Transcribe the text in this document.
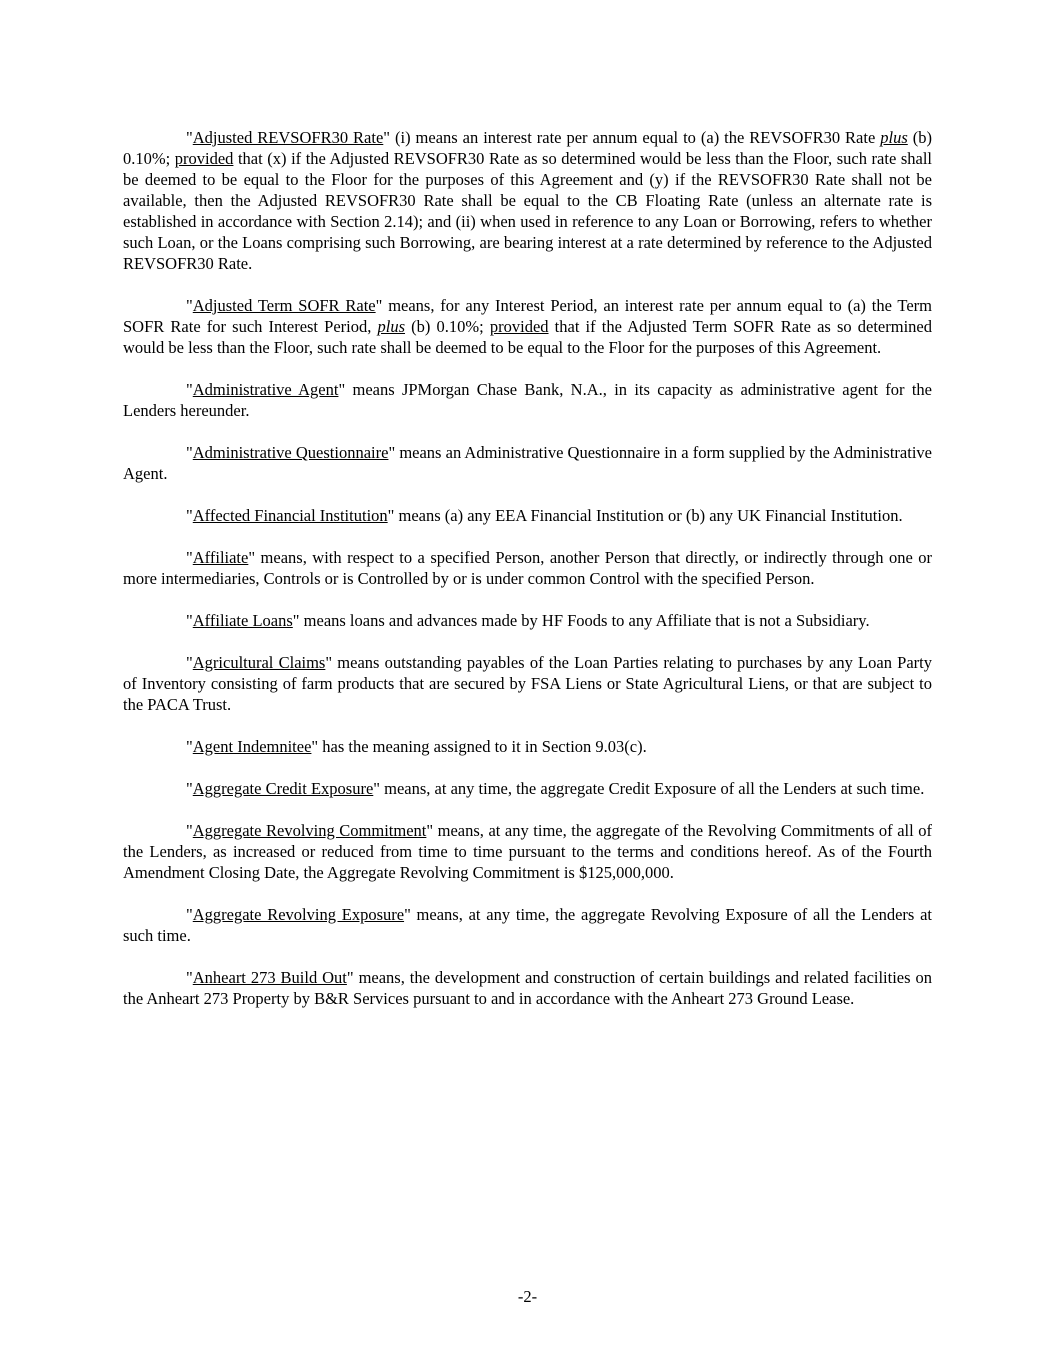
"Adjusted REVSOFR30 Rate" (i) means an interest rate per annum equal to (a) the REVSOFR30 Rate plus (b) 0.10%; provided that (x) if the Adjusted REVSOFR30 Rate as so determined would be less than the Floor, such rate shall be deemed to be equal to the Floor for the purposes of this Agreement and (y) if the REVSOFR30 Rate shall not be available, then the Adjusted REVSOFR30 Rate shall be equal to the CB Floating Rate (unless an alternate rate is established in accordance with Section 2.14); and (ii) when used in reference to any Loan or Borrowing, refers to whether such Loan, or the Loans comprising such Borrowing, are bearing interest at a rate determined by reference to the Adjusted REVSOFR30 Rate.

"Adjusted Term SOFR Rate" means, for any Interest Period, an interest rate per annum equal to (a) the Term SOFR Rate for such Interest Period, plus (b) 0.10%; provided that if the Adjusted Term SOFR Rate as so determined would be less than the Floor, such rate shall be deemed to be equal to the Floor for the purposes of this Agreement.

"Administrative Agent" means JPMorgan Chase Bank, N.A., in its capacity as administrative agent for the Lenders hereunder.

"Administrative Questionnaire" means an Administrative Questionnaire in a form supplied by the Administrative Agent.

"Affected Financial Institution" means (a) any EEA Financial Institution or (b) any UK Financial Institution.

"Affiliate" means, with respect to a specified Person, another Person that directly, or indirectly through one or more intermediaries, Controls or is Controlled by or is under common Control with the specified Person.

"Affiliate Loans" means loans and advances made by HF Foods to any Affiliate that is not a Subsidiary.

"Agricultural Claims" means outstanding payables of the Loan Parties relating to purchases by any Loan Party of Inventory consisting of farm products that are secured by FSA Liens or State Agricultural Liens, or that are subject to the PACA Trust.

"Agent Indemnitee" has the meaning assigned to it in Section 9.03(c).

"Aggregate Credit Exposure" means, at any time, the aggregate Credit Exposure of all the Lenders at such time.

"Aggregate Revolving Commitment" means, at any time, the aggregate of the Revolving Commitments of all of the Lenders, as increased or reduced from time to time pursuant to the terms and conditions hereof. As of the Fourth Amendment Closing Date, the Aggregate Revolving Commitment is $125,000,000.

"Aggregate Revolving Exposure" means, at any time, the aggregate Revolving Exposure of all the Lenders at such time.

"Anheart 273 Build Out" means, the development and construction of certain buildings and related facilities on the Anheart 273 Property by B&R Services pursuant to and in accordance with the Anheart 273 Ground Lease.

-2-
